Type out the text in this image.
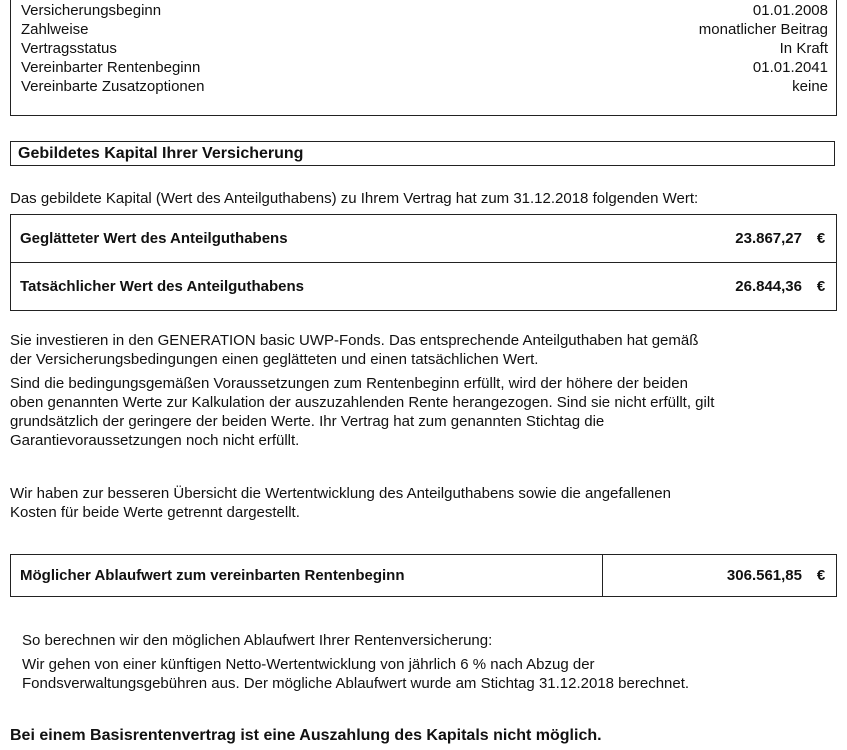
Versicherungsbeginn	01.01.2008
Zahlweise	monatlicher Beitrag
Vertragsstatus	In Kraft
Vereinbarter Rentenbeginn	01.01.2041
Vereinbarte Zusatzoptionen	keine
Gebildetes Kapital Ihrer Versicherung
Das gebildete Kapital (Wert des Anteilguthabens) zu Ihrem Vertrag hat zum 31.12.2018 folgenden Wert:
Geglätteter Wert des Anteilguthabens	23.867,27	€
Tatsächlicher Wert des Anteilguthabens	26.844,36	€
Sie investieren in den GENERATION basic UWP-Fonds. Das entsprechende Anteilguthaben hat gemäß
der Versicherungsbedingungen einen geglätteten und einen tatsächlichen Wert.
Sind die bedingungsgemäßen Voraussetzungen zum Rentenbeginn erfüllt, wird der höhere der beiden
oben genannten Werte zur Kalkulation der auszuzahlenden Rente herangezogen. Sind sie nicht erfüllt, gilt
grundsätzlich der geringere der beiden Werte. Ihr Vertrag hat zum genannten Stichtag die
Garantievoraussetzungen noch nicht erfüllt.
Wir haben zur besseren Übersicht die Wertentwicklung des Anteilguthabens sowie die angefallenen
Kosten für beide Werte getrennt dargestellt.
Möglicher Ablaufwert zum vereinbarten Rentenbeginn	306.561,85	€
So berechnen wir den möglichen Ablaufwert Ihrer Rentenversicherung:
Wir gehen von einer künftigen Netto-Wertentwicklung von jährlich 6 % nach Abzug der
Fondsverwaltungsgebühren aus. Der mögliche Ablaufwert wurde am Stichtag 31.12.2018 berechnet.
Bei einem Basisrentenvertrag ist eine Auszahlung des Kapitals nicht möglich.
